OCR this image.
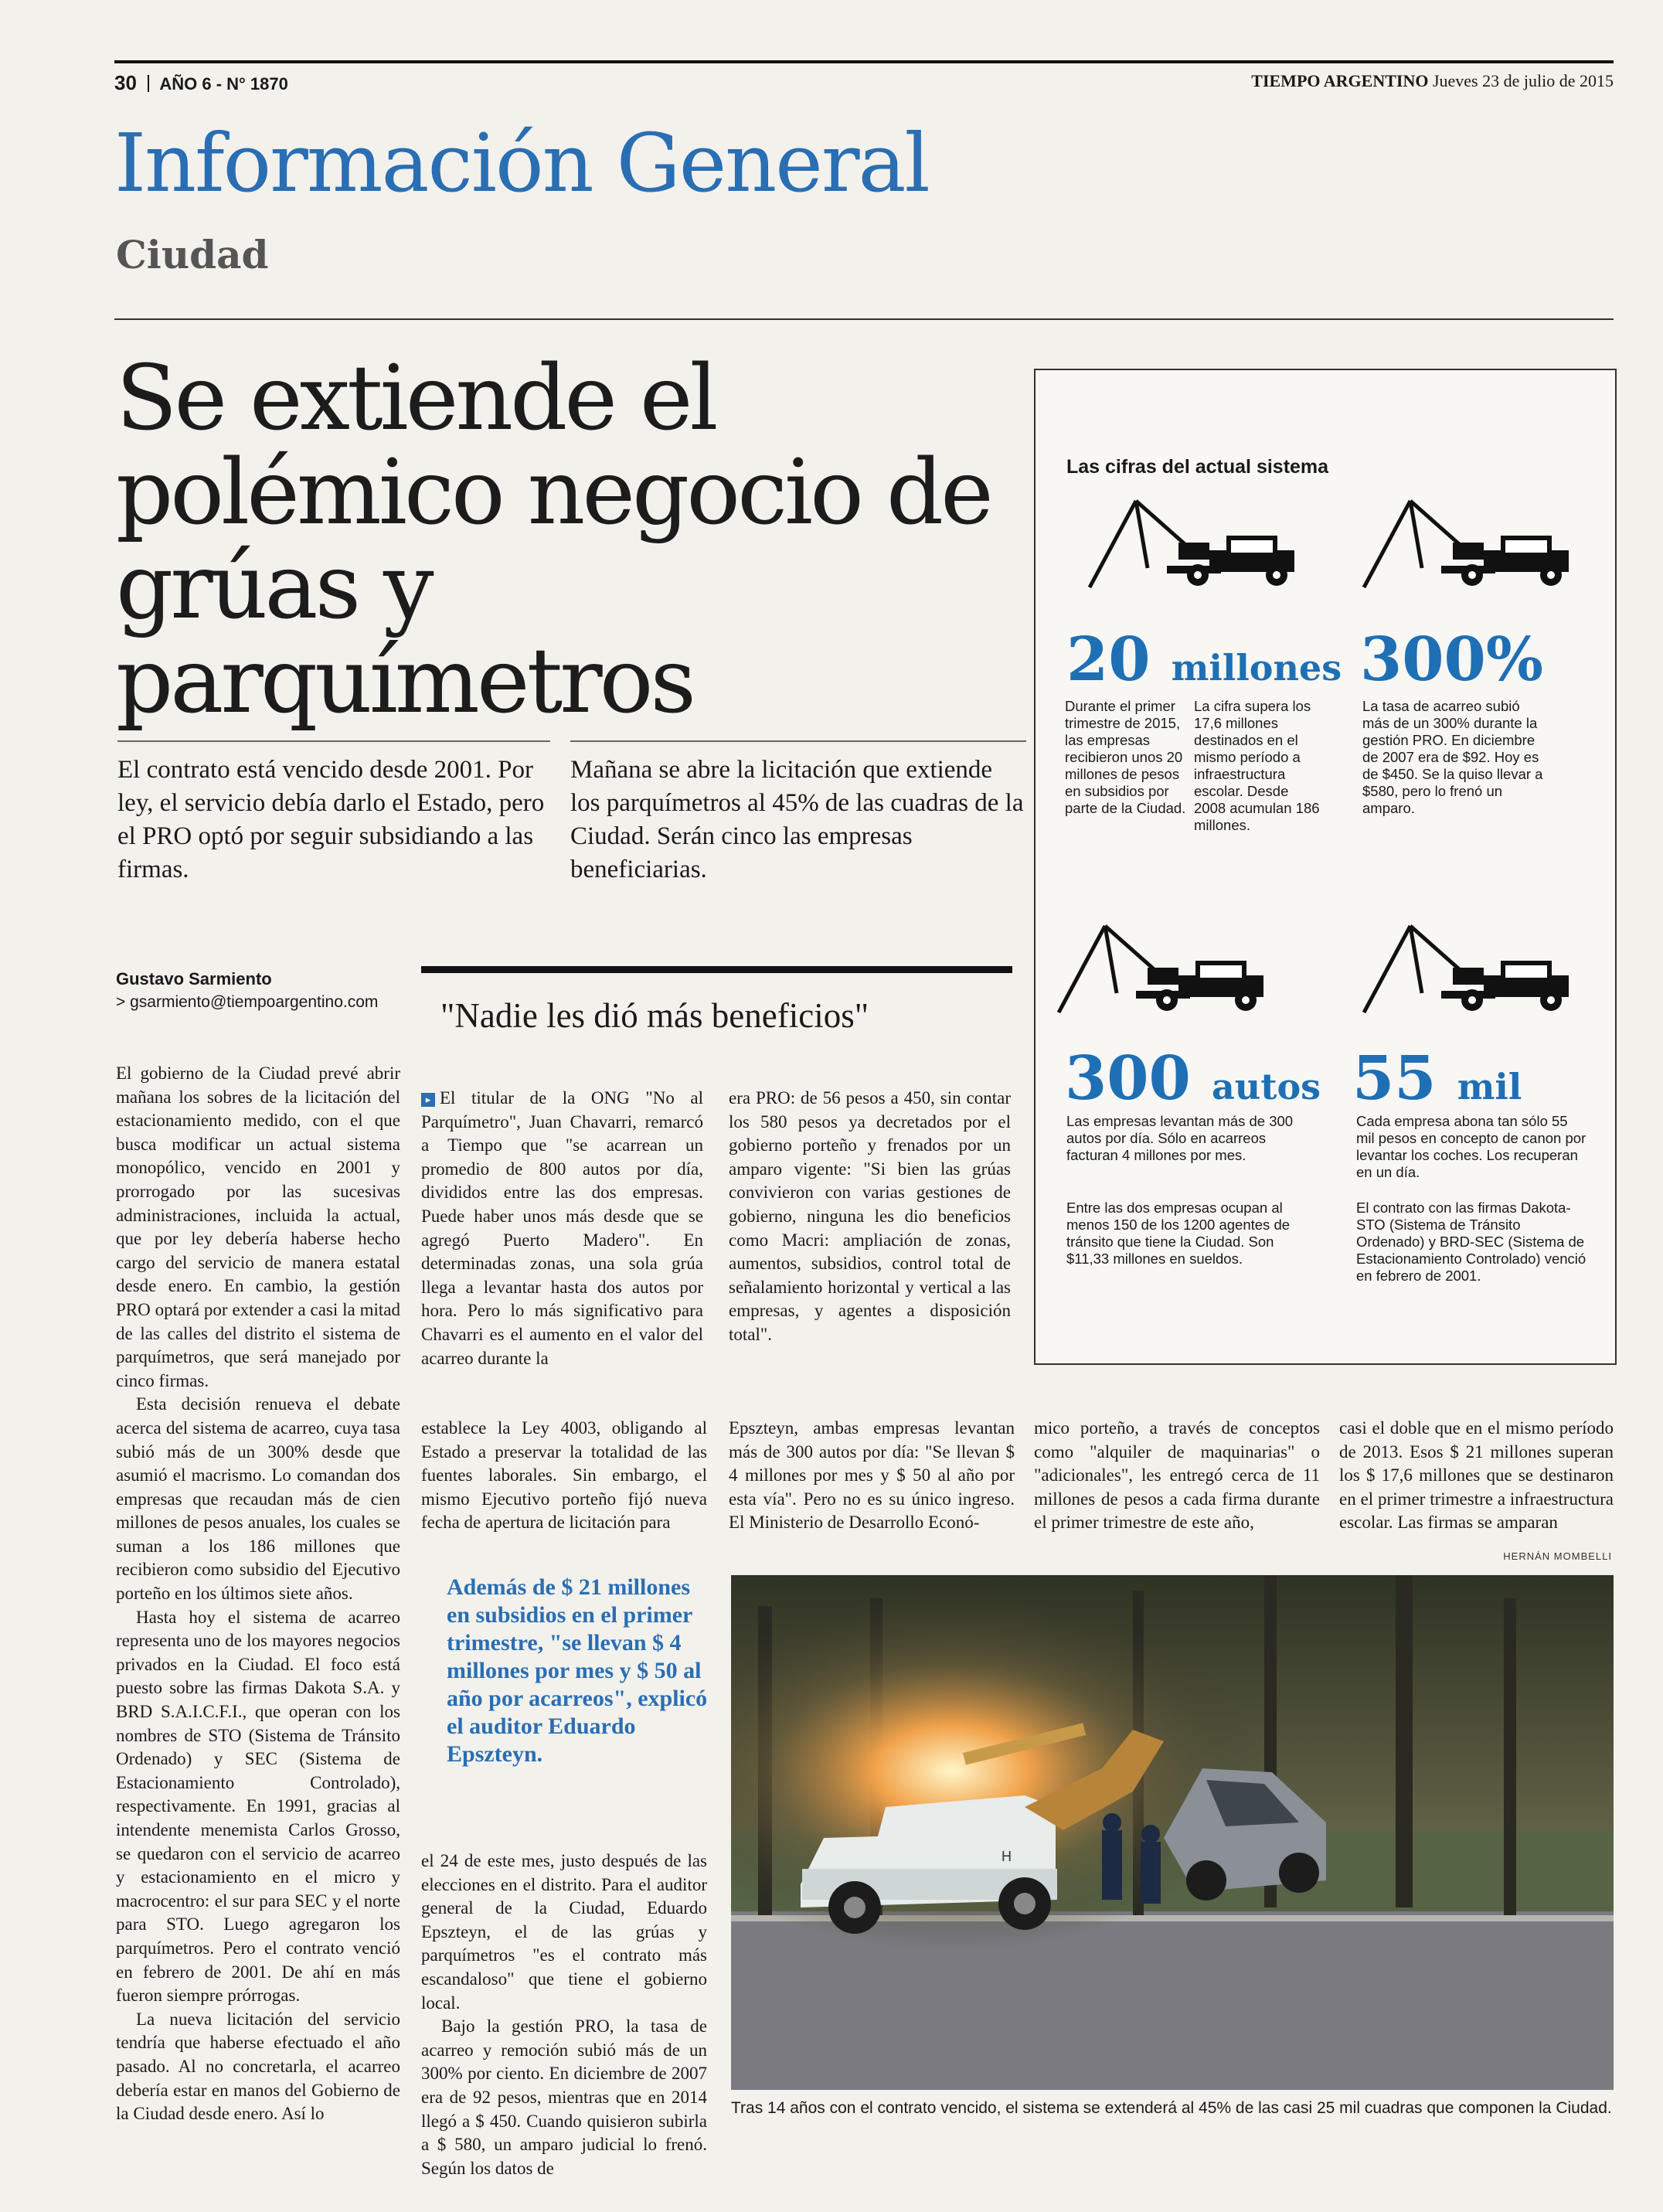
30 AÑO 6 - N° 1870	TIEMPO ARGENTINO Jueves 23 de julio de 2015
Información General
Ciudad
Se extiende el polémico negocio de grúas y parquímetros
El contrato está vencido desde 2001. Por ley, el servicio debía darlo el Estado, pero el PRO optó por seguir subsidiando a las firmas.
Mañana se abre la licitación que extiende los parquímetros al 45% de las cuadras de la Ciudad. Serán cinco las empresas beneficiarias.
Gustavo Sarmiento
> gsarmiento@tiempoargentino.com

El gobierno de la Ciudad prevé abrir mañana los sobres de la licitación del estacionamiento medido, con el que busca modificar un actual sistema monopólico, vencido en 2001 y prorrogado por las sucesivas administraciones, incluida la actual, que por ley debería haberse hecho cargo del servicio de manera estatal desde enero. En cambio, la gestión PRO optará por extender a casi la mitad de las calles del distrito el sistema de parquímetros, que será manejado por cinco firmas.

Esta decisión renueva el debate acerca del sistema de acarreo, cuya tasa subió más de un 300% desde que asumió el macrismo. Lo comandan dos empresas que recaudan más de cien millones de pesos anuales, los cuales se suman a los 186 millones que recibieron como subsidio del Ejecutivo porteño en los últimos siete años.

Hasta hoy el sistema de acarreo representa uno de los mayores negocios privados en la Ciudad. El foco está puesto sobre las firmas Dakota S.A. y BRD S.A.I.C.F.I., que operan con los nombres de STO (Sistema de Tránsito Ordenado) y SEC (Sistema de Estacionamiento Controlado), respectivamente. En 1991, gracias al intendente menemista Carlos Grosso, se quedaron con el servicio de acarreo y estacionamiento en el micro y macrocentro: el sur para SEC y el norte para STO. Luego agregaron los parquímetros. Pero el contrato venció en febrero de 2001. De ahí en más fueron siempre prórrogas.

La nueva licitación del servicio tendría que haberse efectuado el año pasado. Al no concretarla, el acarreo debería estar en manos del Gobierno de la Ciudad desde enero. Así lo

"Nadie les dió más beneficios"

▸ El titular de la ONG "No al Parquímetro", Juan Chavarri, remarcó a Tiempo que "se acarrean un promedio de 800 autos por día, divididos entre las dos empresas. Puede haber unos más desde que se agregó Puerto Madero". En determinadas zonas, una sola grúa llega a levantar hasta dos autos por hora. Pero lo más significativo para Chavarri es el aumento en el valor del acarreo durante la

era PRO: de 56 pesos a 450, sin contar los 580 pesos ya decretados por el gobierno porteño y frenados por un amparo vigente: "Si bien las grúas convivieron con varias gestiones de gobierno, ninguna les dio beneficios como Macri: ampliación de zonas, aumentos, subsidios, control total de señalamiento horizontal y vertical a las empresas, y agentes a disposición total".

establece la Ley 4003, obligando al Estado a preservar la totalidad de las fuentes laborales. Sin embargo, el mismo Ejecutivo porteño fijó nueva fecha de apertura de licitación para

Epszteyn, ambas empresas levantan más de 300 autos por día: "Se llevan $ 4 millones por mes y $ 50 al año por esta vía". Pero no es su único ingreso. El Ministerio de Desarrollo Econó-

mico porteño, a través de conceptos como "alquiler de maquinarias" o "adicionales", les entregó cerca de 11 millones de pesos a cada firma durante el primer trimestre de este año,

casi el doble que en el mismo período de 2013. Esos $ 21 millones superan los $ 17,6 millones que se destinaron en el primer trimestre a infraestructura escolar. Las firmas se amparan

Además de $ 21 millones en subsidios en el primer trimestre, "se llevan $ 4 millones por mes y $ 50 al año por acarreos", explicó el auditor Eduardo Epszteyn.

el 24 de este mes, justo después de las elecciones en el distrito. Para el auditor general de la Ciudad, Eduardo Epszteyn, el de las grúas y parquímetros "es el contrato más escandaloso" que tiene el gobierno local.

Bajo la gestión PRO, la tasa de acarreo y remoción subió más de un 300% por ciento. En diciembre de 2007 era de 92 pesos, mientras que en 2014 llegó a $ 450. Cuando quisieron subirla a $ 580, un amparo judicial lo frenó. Según los datos de

HERNÁN MOMBELLI
H
Tras 14 años con el contrato vencido, el sistema se extenderá al 45% de las casi 25 mil cuadras que componen la Ciudad.
Las cifras del actual sistema
20 millones
Durante el primer trimestre de 2015, las empresas recibieron unos 20 millones de pesos en subsidios por parte de la Ciudad.
La cifra supera los 17,6 millones destinados en el mismo período a infraestructura escolar. Desde 2008 acumulan 186 millones.
300%
La tasa de acarreo subió más de un 300% durante la gestión PRO. En diciembre de 2007 era de $92. Hoy es de $450. Se la quiso llevar a $580, pero lo frenó un amparo.
300 autos
Las empresas levantan más de 300 autos por día. Sólo en acarreos facturan 4 millones por mes.
Entre las dos empresas ocupan al menos 150 de los 1200 agentes de tránsito que tiene la Ciudad. Son $11,33 millones en sueldos.
55 mil
Cada empresa abona tan sólo 55 mil pesos en concepto de canon por levantar los coches. Los recuperan en un día.
El contrato con las firmas Dakota-STO (Sistema de Tránsito Ordenado) y BRD-SEC (Sistema de Estacionamiento Controlado) venció en febrero de 2001.
